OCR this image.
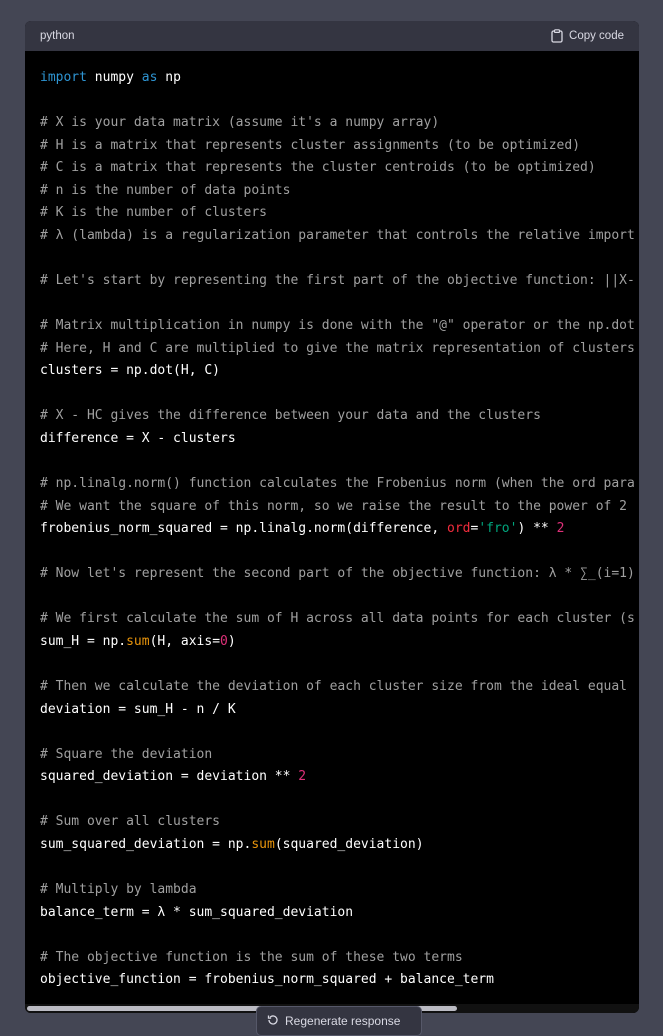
python	Copy code
import numpy as np
# X is your data matrix (assume it's a numpy array)
# H is a matrix that represents cluster assignments (to be optimized)
# C is a matrix that represents the cluster centroids (to be optimized)
# n is the number of data points
# K is the number of clusters
# λ (lambda) is a regularization parameter that controls the relative import
# Let's start by representing the first part of the objective function: ||X-
# Matrix multiplication in numpy is done with the "@" operator or the np.dot
# Here, H and C are multiplied to give the matrix representation of clusters
clusters = np.dot(H, C)
# X - HC gives the difference between your data and the clusters
difference = X - clusters
# np.linalg.norm() function calculates the Frobenius norm (when the ord para
# We want the square of this norm, so we raise the result to the power of 2
frobenius_norm_squared = np.linalg.norm(difference, ord='fro') ** 2
# Now let's represent the second part of the objective function: λ * ∑_(i=1)
# We first calculate the sum of H across all data points for each cluster (s
sum_H = np.sum(H, axis=0)
# Then we calculate the deviation of each cluster size from the ideal equal
deviation = sum_H - n / K
# Square the deviation
squared_deviation = deviation ** 2
# Sum over all clusters
sum_squared_deviation = np.sum(squared_deviation)
# Multiply by lambda
balance_term = λ * sum_squared_deviation
# The objective function is the sum of these two terms
objective_function = frobenius_norm_squared + balance_term
Regenerate response
